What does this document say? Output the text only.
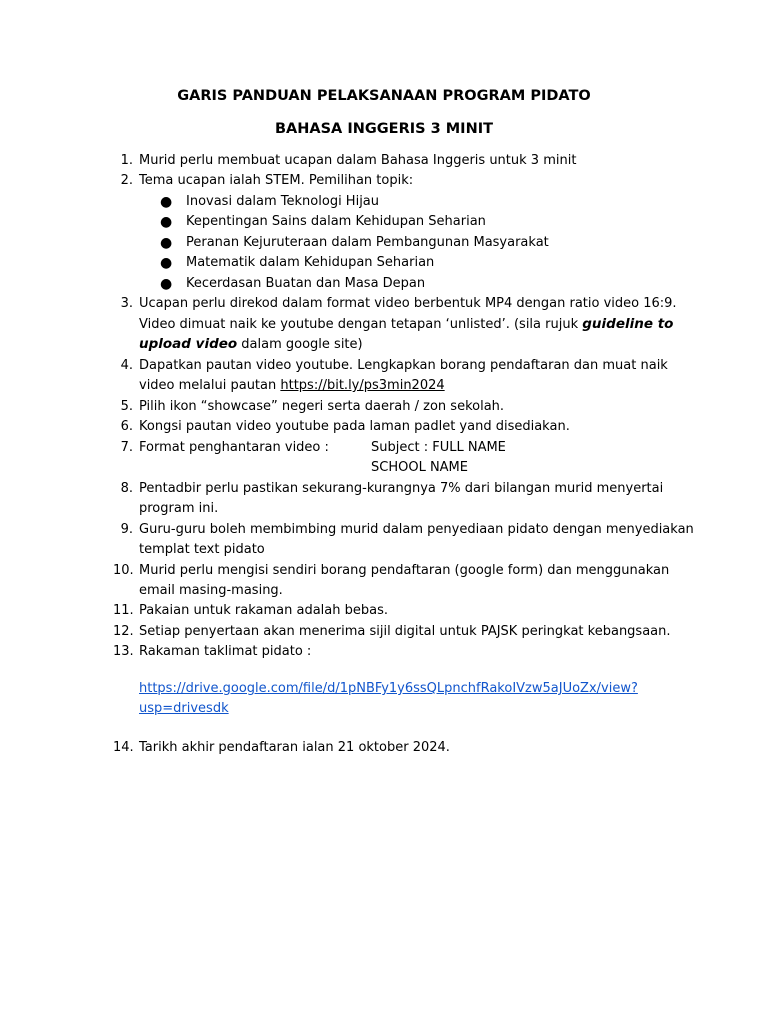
GARIS PANDUAN PELAKSANAAN PROGRAM PIDATO
BAHASA INGGERIS 3 MINIT
1. Murid perlu membuat ucapan dalam Bahasa Inggeris untuk 3 minit
2. Tema ucapan ialah STEM. Pemilihan topik:
● Inovasi dalam Teknologi Hijau
● Kepentingan Sains dalam Kehidupan Seharian
● Peranan Kejuruteraan dalam Pembangunan Masyarakat
● Matematik dalam Kehidupan Seharian
● Kecerdasan Buatan dan Masa Depan
3. Ucapan perlu direkod dalam format video berbentuk MP4 dengan ratio video 16:9.
Video dimuat naik ke youtube dengan tetapan ‘unlisted’. (sila rujuk guideline to
upload video dalam google site)
4. Dapatkan pautan video youtube. Lengkapkan borang pendaftaran dan muat naik
video melalui pautan https://bit.ly/ps3min2024
5. Pilih ikon “showcase” negeri serta daerah / zon sekolah.
6. Kongsi pautan video youtube pada laman padlet yand disediakan.
7. Format penghantaran video :	Subject : FULL NAME
SCHOOL NAME
8. Pentadbir perlu pastikan sekurang-kurangnya 7% dari bilangan murid menyertai
program ini.
9. Guru-guru boleh membimbing murid dalam penyediaan pidato dengan menyediakan
templat text pidato
10. Murid perlu mengisi sendiri borang pendaftaran (google form) dan menggunakan
email masing-masing.
11. Pakaian untuk rakaman adalah bebas.
12. Setiap penyertaan akan menerima sijil digital untuk PAJSK peringkat kebangsaan.
13. Rakaman taklimat pidato :
https://drive.google.com/file/d/1pNBFy1y6ssQLpnchfRakoIVzw5aJUoZx/view?
usp=drivesdk
14. Tarikh akhir pendaftaran ialan 21 oktober 2024.
